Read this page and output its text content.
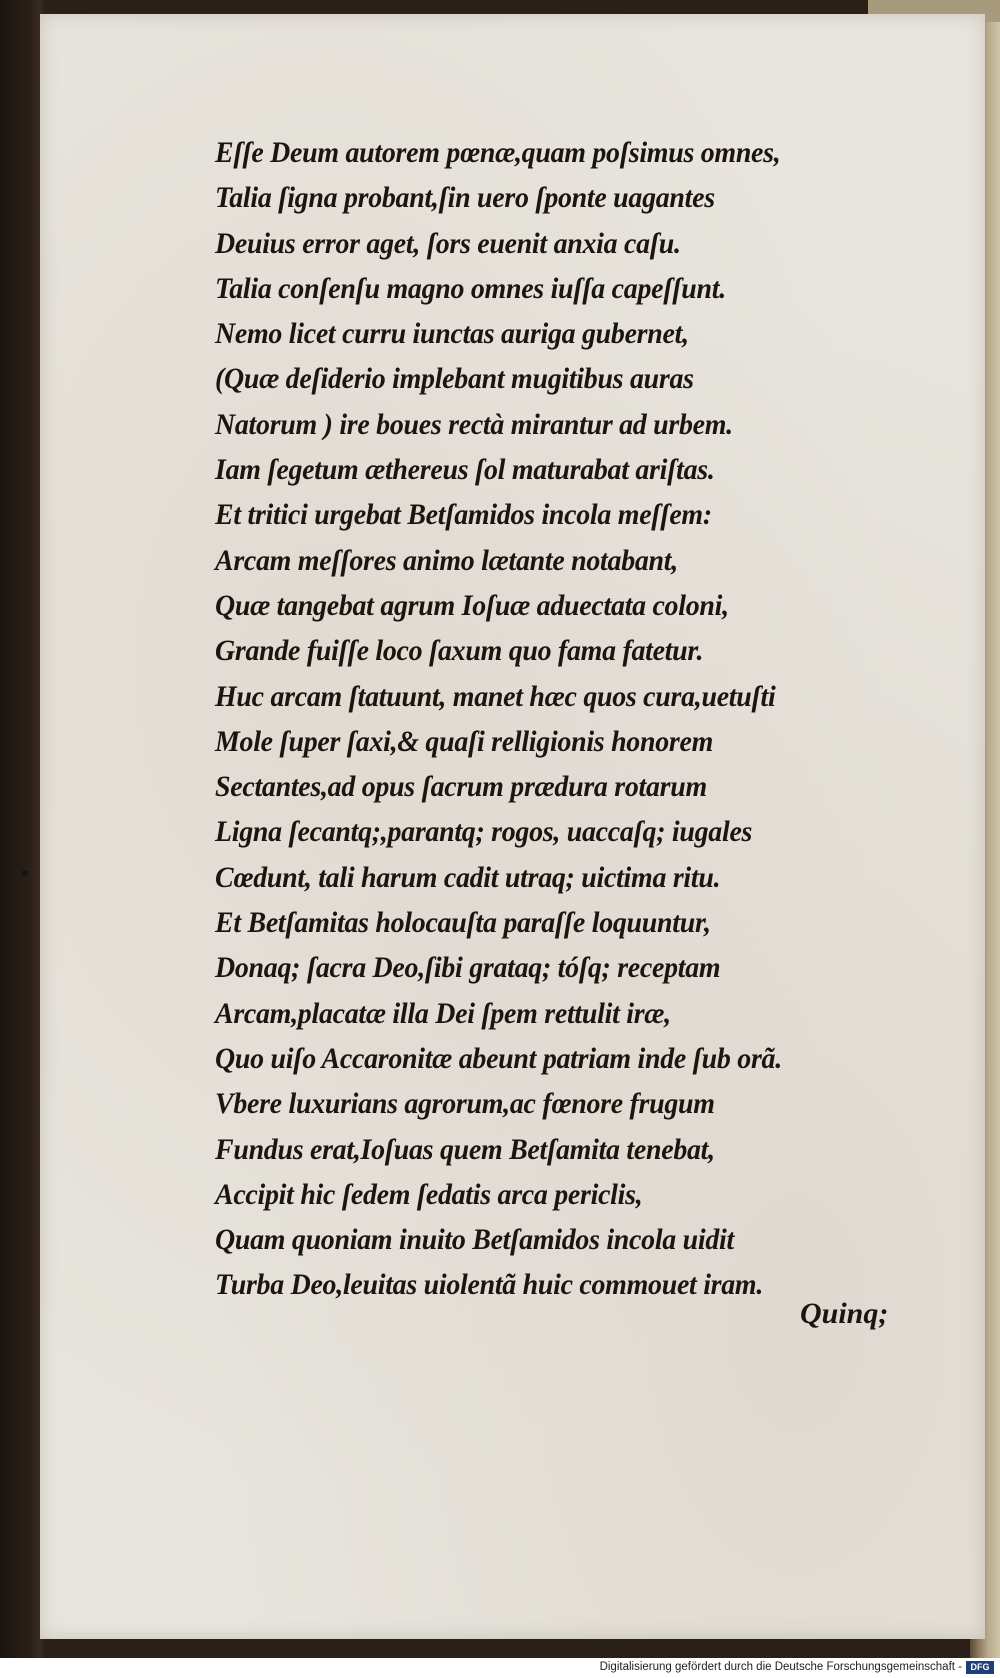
Eſſe Deum autorem pœnæ,quam poſsimus omnes,
Talia ſigna probant,ſin uero ſponte uagantes
Deuius error aget, ſors euenit anxia caſu.
Talia conſenſu magno omnes iuſſa capeſſunt.
Nemo licet curru iunctas auriga gubernet,
(Quæ deſiderio implebant mugitibus auras
Natorum ) ire boues rectà mirantur ad urbem.
Iam ſegetum æthereus ſol maturabat ariſtas.
Et tritici urgebat Betſamidos incola meſſem:
Arcam meſſores animo lætante notabant,
Quæ tangebat agrum Ioſuæ aduectata coloni,
Grande fuiſſe loco ſaxum quo fama fatetur.
Huc arcam ſtatuunt, manet hæc quos cura,uetuſti
Mole ſuper ſaxi,& quaſi relligionis honorem
Sectantes,ad opus ſacrum prædura rotarum
Ligna ſecantq;,parantq; rogos, uaccaſq; iugales
Cœdunt, tali harum cadit utraq; uictima ritu.
Et Betſamitas holocauſta paraſſe loquuntur,
Donaq; ſacra Deo,ſibi grataq; tóſq; receptam
Arcam,placatæ illa Dei ſpem rettulit iræ,
Quo uiſo Accaronitæ abeunt patriam inde ſub orã.
Vbere luxurians agrorum,ac fœnore frugum
Fundus erat,Ioſuas quem Betſamita tenebat,
Accipit hic ſedem ſedatis arca periclis,
Quam quoniam inuito Betſamidos incola uidit
Turba Deo,leuitas uiolentã huic commouet iram.
Quinq;
Digitalisierung gefördert durch die Deutsche Forschungsgemeinschaft - DFG
